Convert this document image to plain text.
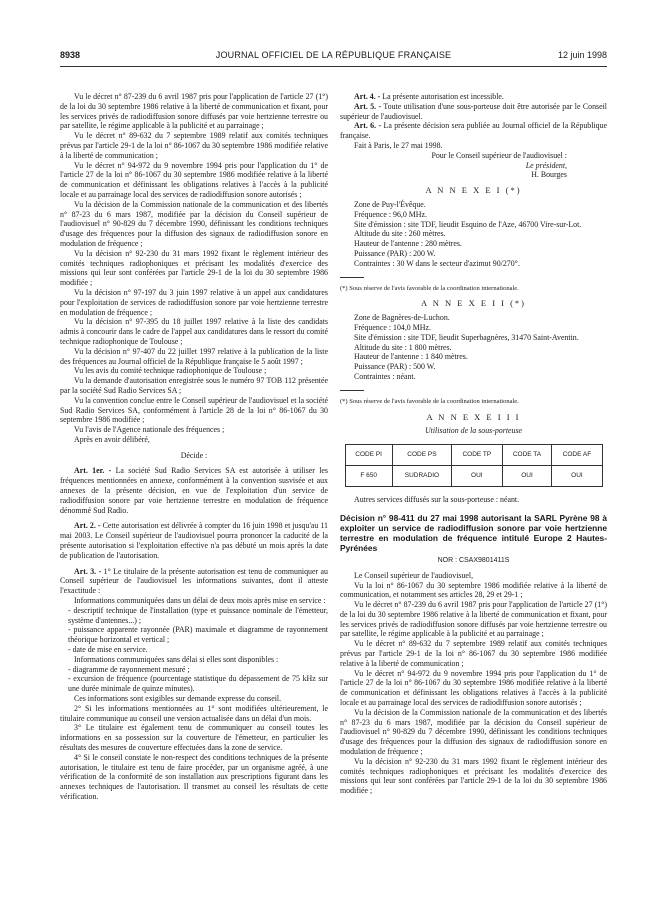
8938	JOURNAL OFFICIEL DE LA RÉPUBLIQUE FRANÇAISE	12 juin 1998

Vu le décret n° 87-239 du 6 avril 1987 pris pour l'application de l'article 27 (1°) de la loi du 30 septembre 1986 relative à la liberté de communication et fixant, pour les services privés de radiodiffusion sonore diffusés par voie hertzienne terrestre ou par satellite, le régime applicable à la publicité et au parrainage ;

Vu le décret n° 89-632 du 7 septembre 1989 relatif aux comités techniques prévus par l'article 29-1 de la loi n° 86-1067 du 30 septembre 1986 modifiée relative à la liberté de communication ;

Vu le décret n° 94-972 du 9 novembre 1994 pris pour l'application du 1° de l'article 27 de la loi n° 86-1067 du 30 septembre 1986 modifiée relative à la liberté de communication et définissant les obligations relatives à l'accès à la publicité locale et au parrainage local des services de radiodiffusion sonore autorisés ;

Vu la décision de la Commission nationale de la communication et des libertés n° 87-23 du 6 mars 1987, modifiée par la décision du Conseil supérieur de l'audiovisuel n° 90-829 du 7 décembre 1990, définissant les conditions techniques d'usage des fréquences pour la diffusion des signaux de radiodiffusion sonore en modulation de fréquence ;

Vu la décision n° 92-230 du 31 mars 1992 fixant le règlement intérieur des comités techniques radiophoniques et précisant les modalités d'exercice des missions qui leur sont conférées par l'article 29-1 de la loi du 30 septembre 1986 modifiée ;

Vu la décision n° 97-197 du 3 juin 1997 relative à un appel aux candidatures pour l'exploitation de services de radiodiffusion sonore par voie hertzienne terrestre en modulation de fréquence ;

Vu la décision n° 97-395 du 18 juillet 1997 relative à la liste des candidats admis à concourir dans le cadre de l'appel aux candidatures dans le ressort du comité technique radiophonique de Toulouse ;

Vu la décision n° 97-407 du 22 juillet 1997 relative à la publication de la liste des fréquences au Journal officiel de la République française le 5 août 1997 ;

Vu les avis du comité technique radiophonique de Toulouse ;

Vu la demande d'autorisation enregistrée sous le numéro 97 TOB 112 présentée par la société Sud Radio Services SA ;

Vu la convention conclue entre le Conseil supérieur de l'audiovisuel et la société Sud Radio Services SA, conformément à l'article 28 de la loi n° 86-1067 du 30 septembre 1986 modifiée ;

Vu l'avis de l'Agence nationale des fréquences ;

Après en avoir délibéré,

Décide :

Art. 1er. - La société Sud Radio Services SA est autorisée à utiliser les fréquences mentionnées en annexe, conformément à la convention susvisée et aux annexes de la présente décision, en vue de l'exploitation d'un service de radiodiffusion sonore par voie hertzienne terrestre en modulation de fréquence dénommé Sud Radio.

Art. 2. - Cette autorisation est délivrée à compter du 16 juin 1998 et jusqu'au 11 mai 2003. Le Conseil supérieur de l'audiovisuel pourra prononcer la caducité de la présente autorisation si l'exploitation effective n'a pas débuté un mois après la date de publication de l'autorisation.

Art. 3. - 1° Le titulaire de la présente autorisation est tenu de communiquer au Conseil supérieur de l'audiovisuel les informations suivantes, dont il atteste l'exactitude :

Informations communiquées dans un délai de deux mois après mise en service :

- descriptif technique de l'installation (type et puissance nominale de l'émetteur, système d'antennes...) ;

- puissance apparente rayonnée (PAR) maximale et diagramme de rayonnement théorique horizontal et vertical ;

- date de mise en service.

Informations communiquées sans délai si elles sont disponibles :

- diagramme de rayonnement mesuré ;

- excursion de fréquence (pourcentage statistique du dépassement de 75 kHz sur une durée minimale de quinze minutes).

Ces informations sont exigibles sur demande expresse du conseil.

2° Si les informations mentionnées au 1° sont modifiées ultérieurement, le titulaire communique au conseil une version actualisée dans un délai d'un mois.

3° Le titulaire est également tenu de communiquer au conseil toutes les informations en sa possession sur la couverture de l'émetteur, en particulier les résultats des mesures de couverture effectuées dans la zone de service.

4° Si le conseil constate le non-respect des conditions techniques de la présente autorisation, le titulaire est tenu de faire procéder, par un organisme agréé, à une vérification de la conformité de son installation aux prescriptions figurant dans les annexes techniques de l'autorisation. Il transmet au conseil les résultats de cette vérification.

Art. 4. - La présente autorisation est incessible.

Art. 5. - Toute utilisation d'une sous-porteuse doit être autorisée par le Conseil supérieur de l'audiovisuel.

Art. 6. - La présente décision sera publiée au Journal officiel de la République française.

Fait à Paris, le 27 mai 1998.

Pour le Conseil supérieur de l'audiovisuel :

Le président,

H. Bourges

A N N E X E I (*)

Zone de Puy-l'Évêque.

Fréquence : 96,0 MHz.

Site d'émission : site TDF, lieudit Esquino de l'Aze, 46700 Vire-sur-Lot.

Altitude du site : 260 mètres.

Hauteur de l'antenne : 280 mètres.

Puissance (PAR) : 200 W.

Contraintes : 30 W dans le secteur d'azimut 90/270°.

(*) Sous réserve de l'avis favorable de la coordination internationale.

A N N E X E I I (*)

Zone de Bagnères-de-Luchon.

Fréquence : 104,0 MHz.

Site d'émission : site TDF, lieudit Superbagnères, 31470 Saint-Aventin.

Altitude du site : 1 800 mètres.

Hauteur de l'antenne : 1 840 mètres.

Puissance (PAR) : 500 W.

Contraintes : néant.

(*) Sous réserve de l'avis favorable de la coordination internationale.

A N N E X E I I I

Utilisation de la sous-porteuse

CODE PI	CODE PS	CODE TP	CODE TA	CODE AF
F 650	SUDRADIO	OUI	OUI	OUI

Autres services diffusés sur la sous-porteuse : néant.

Décision n° 98-411 du 27 mai 1998 autorisant la SARL Pyrène 98 à exploiter un service de radiodiffusion sonore par voie hertzienne terrestre en modulation de fréquence intitulé Europe 2 Hautes-Pyrénées
NOR : CSAX9801411S

Le Conseil supérieur de l'audiovisuel,

Vu la loi n° 86-1067 du 30 septembre 1986 modifiée relative à la liberté de communication, et notamment ses articles 28, 29 et 29-1 ;

Vu le décret n° 87-239 du 6 avril 1987 pris pour l'application de l'article 27 (1°) de la loi du 30 septembre 1986 relative à la liberté de communication et fixant, pour les services privés de radiodiffusion sonore diffusés par voie hertzienne terrestre ou par satellite, le régime applicable à la publicité et au parrainage ;

Vu le décret n° 89-632 du 7 septembre 1989 relatif aux comités techniques prévus par l'article 29-1 de la loi n° 86-1067 du 30 septembre 1986 modifiée relative à la liberté de communication ;

Vu le décret n° 94-972 du 9 novembre 1994 pris pour l'application du 1° de l'article 27 de la loi n° 86-1067 du 30 septembre 1986 modifiée relative à la liberté de communication et définissant les obligations relatives à l'accès à la publicité locale et au parrainage local des services de radiodiffusion sonore autorisés ;

Vu la décision de la Commission nationale de la communication et des libertés n° 87-23 du 6 mars 1987, modifiée par la décision du Conseil supérieur de l'audiovisuel n° 90-829 du 7 décembre 1990, définissant les conditions techniques d'usage des fréquences pour la diffusion des signaux de radiodiffusion sonore en modulation de fréquence ;

Vu la décision n° 92-230 du 31 mars 1992 fixant le règlement intérieur des comités techniques radiophoniques et précisant les modalités d'exercice des missions qui leur sont conférées par l'article 29-1 de la loi du 30 septembre 1986 modifiée ;
